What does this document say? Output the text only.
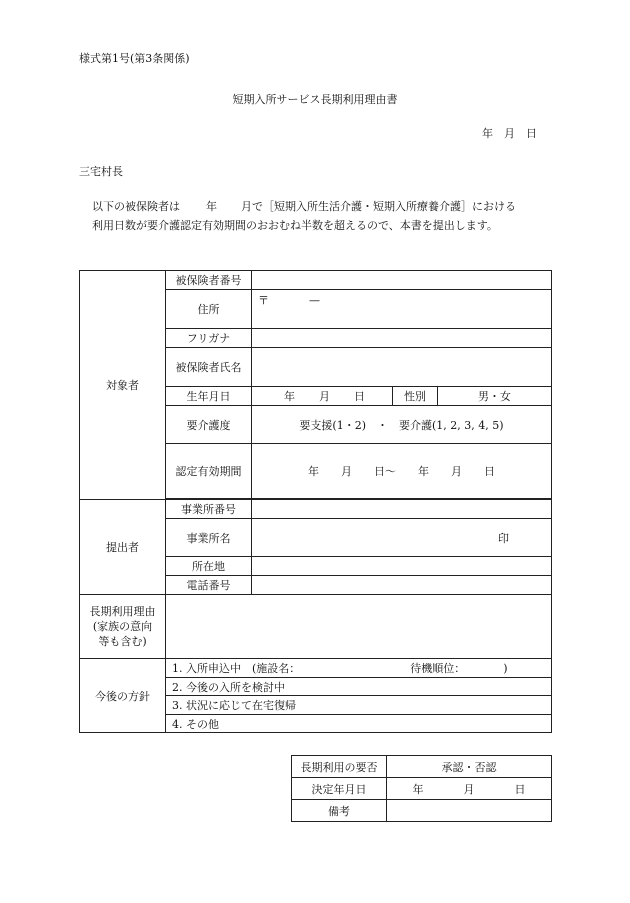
様式第1号(第3条関係)
短期入所サービス長期利用理由書
年　月　日
三宅村長
以下の被保険者は 年 月で［短期入所生活介護・短期入所療養介護］における
利用日数が要介護認定有効期間のおおむね半数を超えるので、本書を提出します。
対象者	被保険者番号	
住所	〒	—
フリガナ	
被保険者氏名	
生年月日		年 月 日	性別	男・女

要介護度	要支援(1・2)　・　要介護(1, 2, 3, 4, 5)
認定有効期間	年　　月　　日～　　年　　月　　日

提出者	事業所番号	
事業所名	印
所在地	
電話番号	

長期利用理由
(家族の意向
等も含む)

今後の方針	1. 入所申込中　(施設名：	待機順位：	)
2. 今後の入所を検討中
3. 状況に応じて在宅復帰
4. その他
長期利用の要否	承認・否認
決定年月日	年 月 日
備考	
